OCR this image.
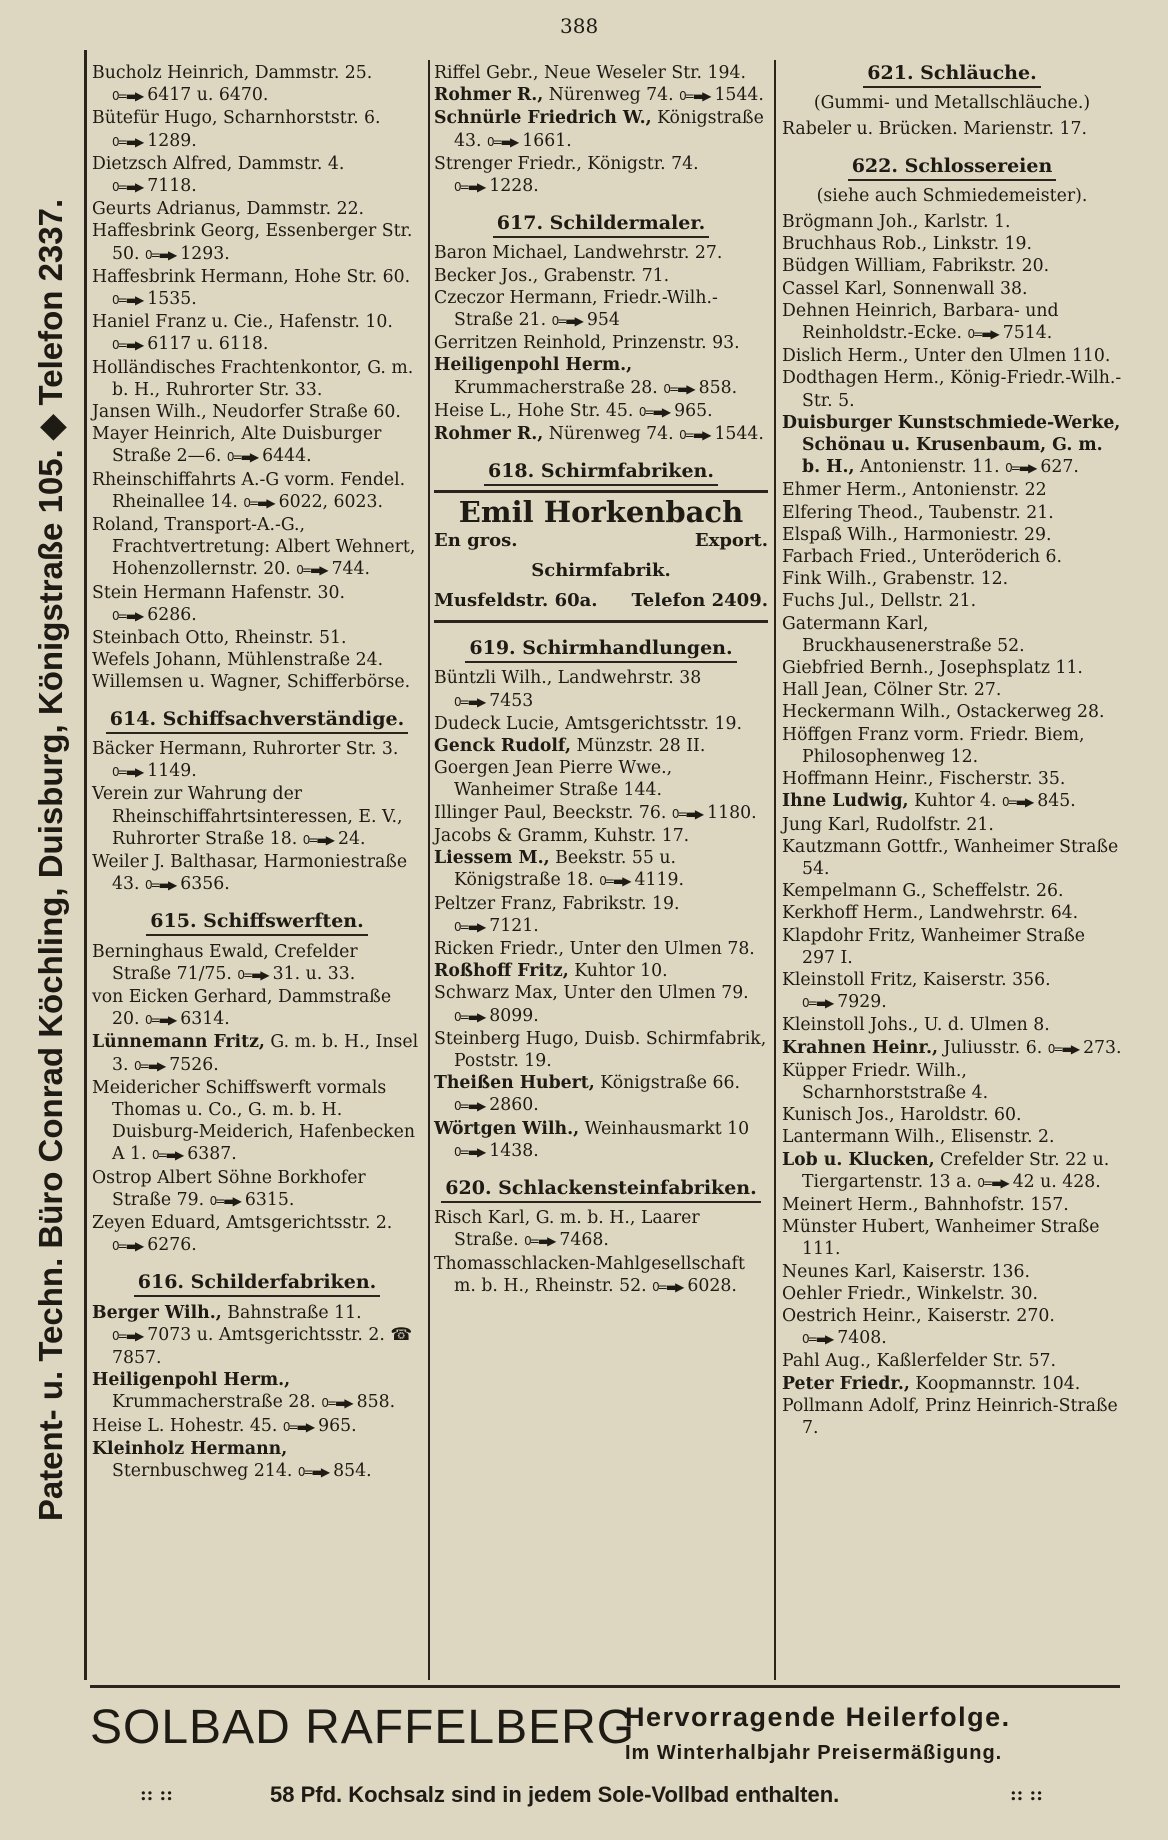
388
Patent- u. Techn. Büro Conrad Köchling, Duisburg, Königstraße 105. ◆ Telefon 2337.
Bucholz Heinrich, Dammstr. 25. 0=▬▶ 6417 u. 6470.
Bütefür Hugo, Scharnhorststr. 6. 0=▬▶ 1289.
Dietzsch Alfred, Dammstr. 4. 0=▬▶ 7118.
Geurts Adrianus, Dammstr. 22.
Haffesbrink Georg, Essenberger Str. 50. 0=▬▶ 1293.
Haffesbrink Hermann, Hohe Str. 60. 0=▬▶ 1535.
Haniel Franz u. Cie., Hafenstr. 10. 0=▬▶ 6117 u. 6118.
Holländisches Frachtenkontor, G. m. b. H., Ruhrorter Str. 33.
Jansen Wilh., Neudorfer Straße 60.
Mayer Heinrich, Alte Duisburger Straße 2—6. 0=▬▶ 6444.
Rheinschiffahrts A.-G vorm. Fendel. Rheinallee 14. 0=▬▶ 6022, 6023.
Roland, Transport-A.-G., Frachtvertretung: Albert Wehnert, Hohenzollernstr. 20. 0=▬▶ 744.
Stein Hermann Hafenstr. 30. 0=▬▶ 6286.
Steinbach Otto, Rheinstr. 51.
Wefels Johann, Mühlenstraße 24.
Willemsen u. Wagner, Schifferbörse.
614. Schiffsachverständige.
Bäcker Hermann, Ruhrorter Str. 3. 0=▬▶ 1149.
Verein zur Wahrung der Rheinschiffahrtsinteressen, E. V., Ruhrorter Straße 18. 0=▬▶ 24.
Weiler J. Balthasar, Harmoniestraße 43. 0=▬▶ 6356.
615. Schiffswerften.
Berninghaus Ewald, Crefelder Straße 71/75. 0=▬▶ 31. u. 33.
von Eicken Gerhard, Dammstraße 20. 0=▬▶ 6314.
Lünnemann Fritz, G. m. b. H., Insel 3. 0=▬▶ 7526.
Meidericher Schiffswerft vormals Thomas u. Co., G. m. b. H. Duisburg-Meiderich, Hafenbecken A 1. 0=▬▶ 6387.
Ostrop Albert Söhne Borkhofer Straße 79. 0=▬▶ 6315.
Zeyen Eduard, Amtsgerichtsstr. 2. 0=▬▶ 6276.
616. Schilderfabriken.
Berger Wilh., Bahnstraße 11. 0=▬▶ 7073 u. Amtsgerichtsstr. 2. ☎ 7857.
Heiligenpohl Herm., Krummacherstraße 28. 0=▬▶ 858.
Heise L. Hohestr. 45. 0=▬▶ 965.
Kleinholz Hermann, Sternbuschweg 214. 0=▬▶ 854.
Riffel Gebr., Neue Weseler Str. 194.
Rohmer R., Nürenweg 74. 0=▬▶ 1544.
Schnürle Friedrich W., Königstraße 43. 0=▬▶ 1661.
Strenger Friedr., Königstr. 74. 0=▬▶ 1228.
617. Schildermaler.
Baron Michael, Landwehrstr. 27.
Becker Jos., Grabenstr. 71.
Czeczor Hermann, Friedr.-Wilh.-Straße 21. 0=▬▶ 954
Gerritzen Reinhold, Prinzenstr. 93.
Heiligenpohl Herm., Krummacherstraße 28. 0=▬▶ 858.
Heise L., Hohe Str. 45. 0=▬▶ 965.
Rohmer R., Nürenweg 74. 0=▬▶ 1544.
618. Schirmfabriken.
Emil Horkenbach
En gros.	Export.
Schirmfabrik.
Musfeldstr. 60a. Telefon 2409.
619. Schirmhandlungen.
Büntzli Wilh., Landwehrstr. 38 0=▬▶ 7453
Dudeck Lucie, Amtsgerichtsstr. 19.
Genck Rudolf, Münzstr. 28 II.
Goergen Jean Pierre Wwe., Wanheimer Straße 144.
Illinger Paul, Beeckstr. 76. 0=▬▶ 1180.
Jacobs & Gramm, Kuhstr. 17.
Liessem M., Beekstr. 55 u. Königstraße 18. 0=▬▶ 4119.
Peltzer Franz, Fabrikstr. 19. 0=▬▶ 7121.
Ricken Friedr., Unter den Ulmen 78.
Roßhoff Fritz, Kuhtor 10.
Schwarz Max, Unter den Ulmen 79. 0=▬▶ 8099.
Steinberg Hugo, Duisb. Schirmfabrik, Poststr. 19.
Theißen Hubert, Königstraße 66. 0=▬▶ 2860.
Wörtgen Wilh., Weinhausmarkt 10 0=▬▶ 1438.
620. Schlackensteinfabriken.
Risch Karl, G. m. b. H., Laarer Straße. 0=▬▶ 7468.
Thomasschlacken-Mahlgesellschaft m. b. H., Rheinstr. 52. 0=▬▶ 6028.
621. Schläuche.
(Gummi- und Metallschläuche.)
Rabeler u. Brücken. Marienstr. 17.
622. Schlossereien
(siehe auch Schmiedemeister).
Brögmann Joh., Karlstr. 1.
Bruchhaus Rob., Linkstr. 19.
Büdgen William, Fabrikstr. 20.
Cassel Karl, Sonnenwall 38.
Dehnen Heinrich, Barbara- und Reinholdstr.-Ecke. 0=▬▶ 7514.
Dislich Herm., Unter den Ulmen 110.
Dodthagen Herm., König-Friedr.-Wilh.-Str. 5.
Duisburger Kunstschmiede-Werke, Schönau u. Krusenbaum, G. m. b. H., Antonienstr. 11. 0=▬▶ 627.
Ehmer Herm., Antonienstr. 22
Elfering Theod., Taubenstr. 21.
Elspaß Wilh., Harmoniestr. 29.
Farbach Fried., Unteröderich 6.
Fink Wilh., Grabenstr. 12.
Fuchs Jul., Dellstr. 21.
Gatermann Karl, Bruckhausenerstraße 52.
Giebfried Bernh., Josephsplatz 11.
Hall Jean, Cölner Str. 27.
Heckermann Wilh., Ostackerweg 28.
Höffgen Franz vorm. Friedr. Biem, Philosophenweg 12.
Hoffmann Heinr., Fischerstr. 35.
Ihne Ludwig, Kuhtor 4. 0=▬▶ 845.
Jung Karl, Rudolfstr. 21.
Kautzmann Gottfr., Wanheimer Straße 54.
Kempelmann G., Scheffelstr. 26.
Kerkhoff Herm., Landwehrstr. 64.
Klapdohr Fritz, Wanheimer Straße 297 I.
Kleinstoll Fritz, Kaiserstr. 356. 0=▬▶ 7929.
Kleinstoll Johs., U. d. Ulmen 8.
Krahnen Heinr., Juliusstr. 6. 0=▬▶ 273.
Küpper Friedr. Wilh., Scharnhorststraße 4.
Kunisch Jos., Haroldstr. 60.
Lantermann Wilh., Elisenstr. 2.
Lob u. Klucken, Crefelder Str. 22 u. Tiergartenstr. 13 a. 0=▬▶ 42 u. 428.
Meinert Herm., Bahnhofstr. 157.
Münster Hubert, Wanheimer Straße 111.
Neunes Karl, Kaiserstr. 136.
Oehler Friedr., Winkelstr. 30.
Oestrich Heinr., Kaiserstr. 270. 0=▬▶ 7408.
Pahl Aug., Kaßlerfelder Str. 57.
Peter Friedr., Koopmannstr. 104.
Pollmann Adolf, Prinz Heinrich-Straße 7.
SOLBAD RAFFELBERG
Hervorragende Heilerfolge.
Im Winterhalbjahr Preisermäßigung.
:: ::	58 Pfd. Kochsalz sind in jedem Sole-Vollbad enthalten.	:: ::
